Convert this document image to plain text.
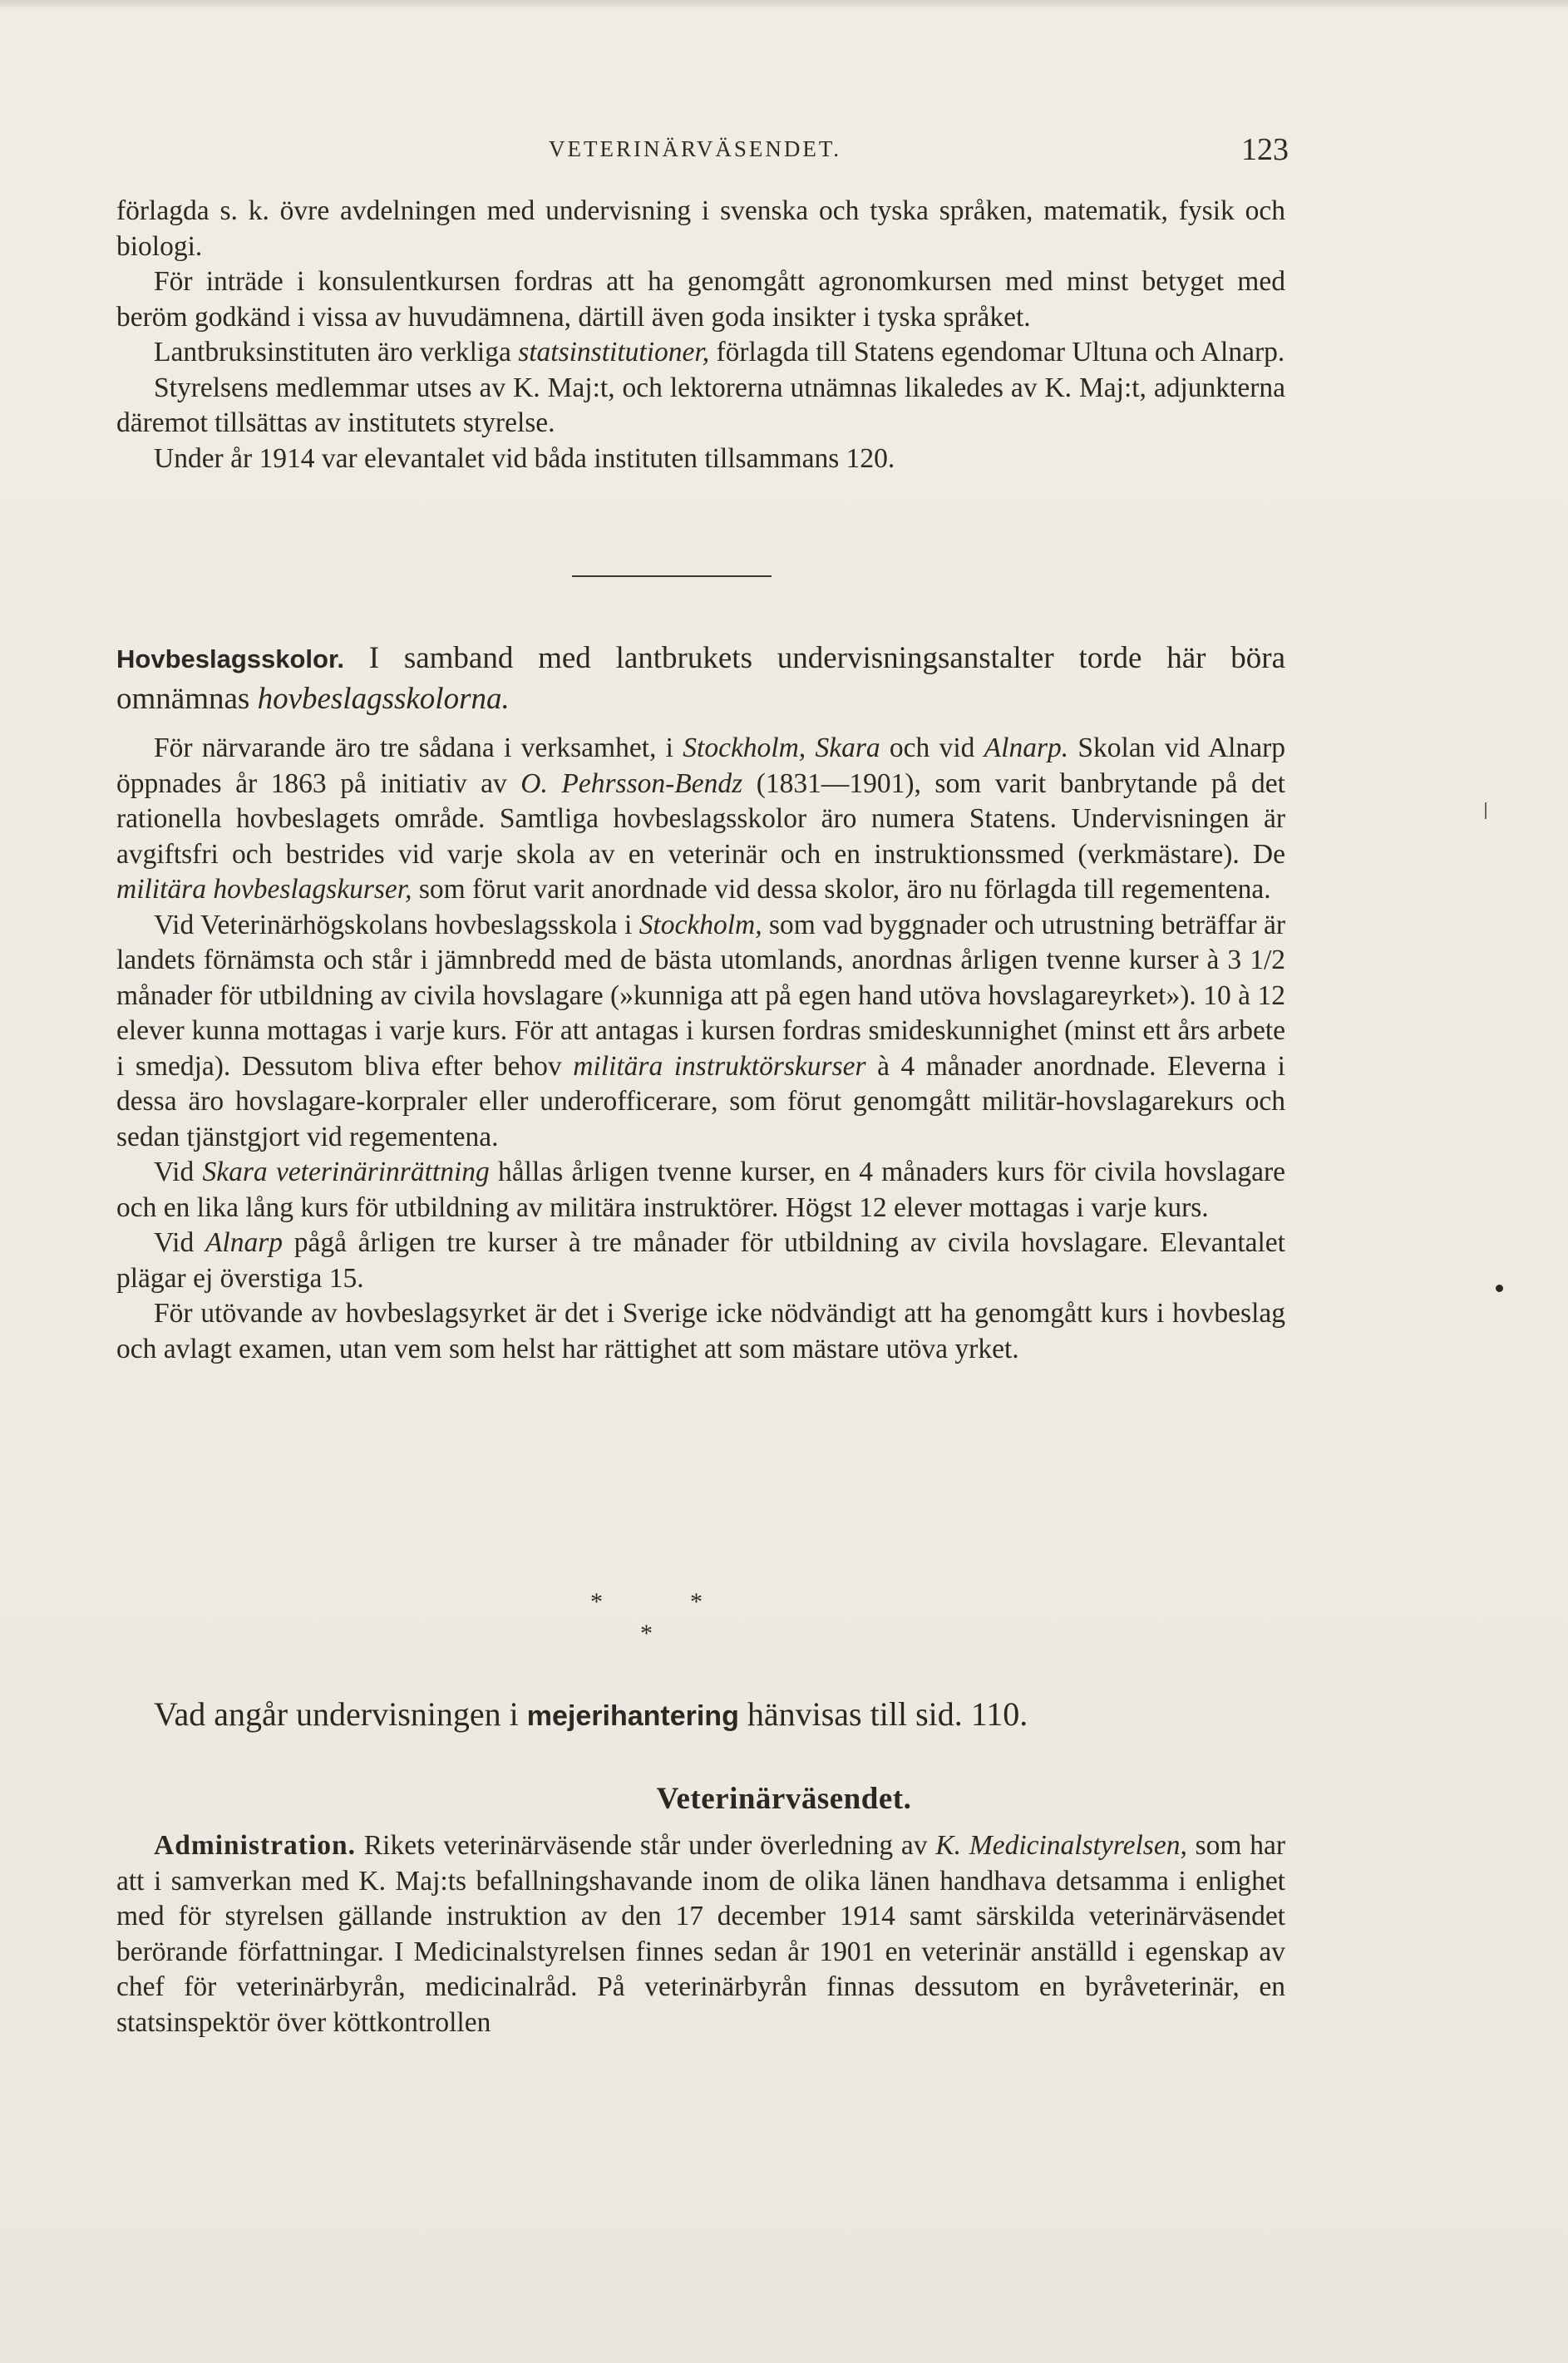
VETERINÄRVÄSENDET.	123

förlagda s. k. övre avdelningen med undervisning i svenska och tyska språken, matematik, fysik och biologi.

För inträde i konsulentkursen fordras att ha genomgått agronomkursen med minst betyget med beröm godkänd i vissa av huvudämnena, därtill även goda insikter i tyska språket.

Lantbruksinstituten äro verkliga statsinstitutioner, förlagda till Statens egendomar Ultuna och Alnarp.

Styrelsens medlemmar utses av K. Maj:t, och lektorerna utnämnas likaledes av K. Maj:t, adjunkterna däremot tillsättas av institutets styrelse.

Under år 1914 var elevantalet vid båda instituten tillsammans 120.

Hovbeslagsskolor. I samband med lantbrukets undervisningsanstalter torde här böra omnämnas hovbeslagsskolorna.

För närvarande äro tre sådana i verksamhet, i Stockholm, Skara och vid Alnarp. Skolan vid Alnarp öppnades år 1863 på initiativ av O. Pehrsson-Bendz (1831—1901), som varit banbrytande på det rationella hovbeslagets område. Samtliga hovbeslagsskolor äro numera Statens. Undervisningen är avgiftsfri och bestrides vid varje skola av en veterinär och en instruktionssmed (verkmästare). De militära hovbeslagskurser, som förut varit anordnade vid dessa skolor, äro nu förlagda till regementena.

Vid Veterinärhögskolans hovbeslagsskola i Stockholm, som vad byggnader och utrustning beträffar är landets förnämsta och står i jämnbredd med de bästa utomlands, anordnas årligen tvenne kurser à 3 1/2 månader för utbildning av civila hovslagare (»kunniga att på egen hand utöva hovslagareyrket»). 10 à 12 elever kunna mottagas i varje kurs. För att antagas i kursen fordras smideskunnighet (minst ett års arbete i smedja). Dessutom bliva efter behov militära instruktörskurser à 4 månader anordnade. Eleverna i dessa äro hovslagare-korpraler eller underofficerare, som förut genomgått militär-hovslagarekurs och sedan tjänstgjort vid regementena.

Vid Skara veterinärinrättning hållas årligen tvenne kurser, en 4 månaders kurs för civila hovslagare och en lika lång kurs för utbildning av militära instruktörer. Högst 12 elever mottagas i varje kurs.

Vid Alnarp pågå årligen tre kurser à tre månader för utbildning av civila hovslagare. Elevantalet plägar ej överstiga 15.

För utövande av hovbeslagsyrket är det i Sverige icke nödvändigt att ha genomgått kurs i hovbeslag och avlagt examen, utan vem som helst har rättighet att som mästare utöva yrket.

*	*
*
Vad angår undervisningen i mejerihantering hänvisas till sid. 110.
Veterinärväsendet.

Administration. Rikets veterinärväsende står under överledning av K. Medicinalstyrelsen, som har att i samverkan med K. Maj:ts befallningshavande inom de olika länen handhava detsamma i enlighet med för styrelsen gällande instruktion av den 17 december 1914 samt särskilda veterinärväsendet berörande författningar. I Medicinalstyrelsen finnes sedan år 1901 en veterinär anställd i egenskap av chef för veterinärbyrån, medicinalråd. På veterinärbyrån finnas dessutom en byråveterinär, en statsinspektör över köttkontrollen
